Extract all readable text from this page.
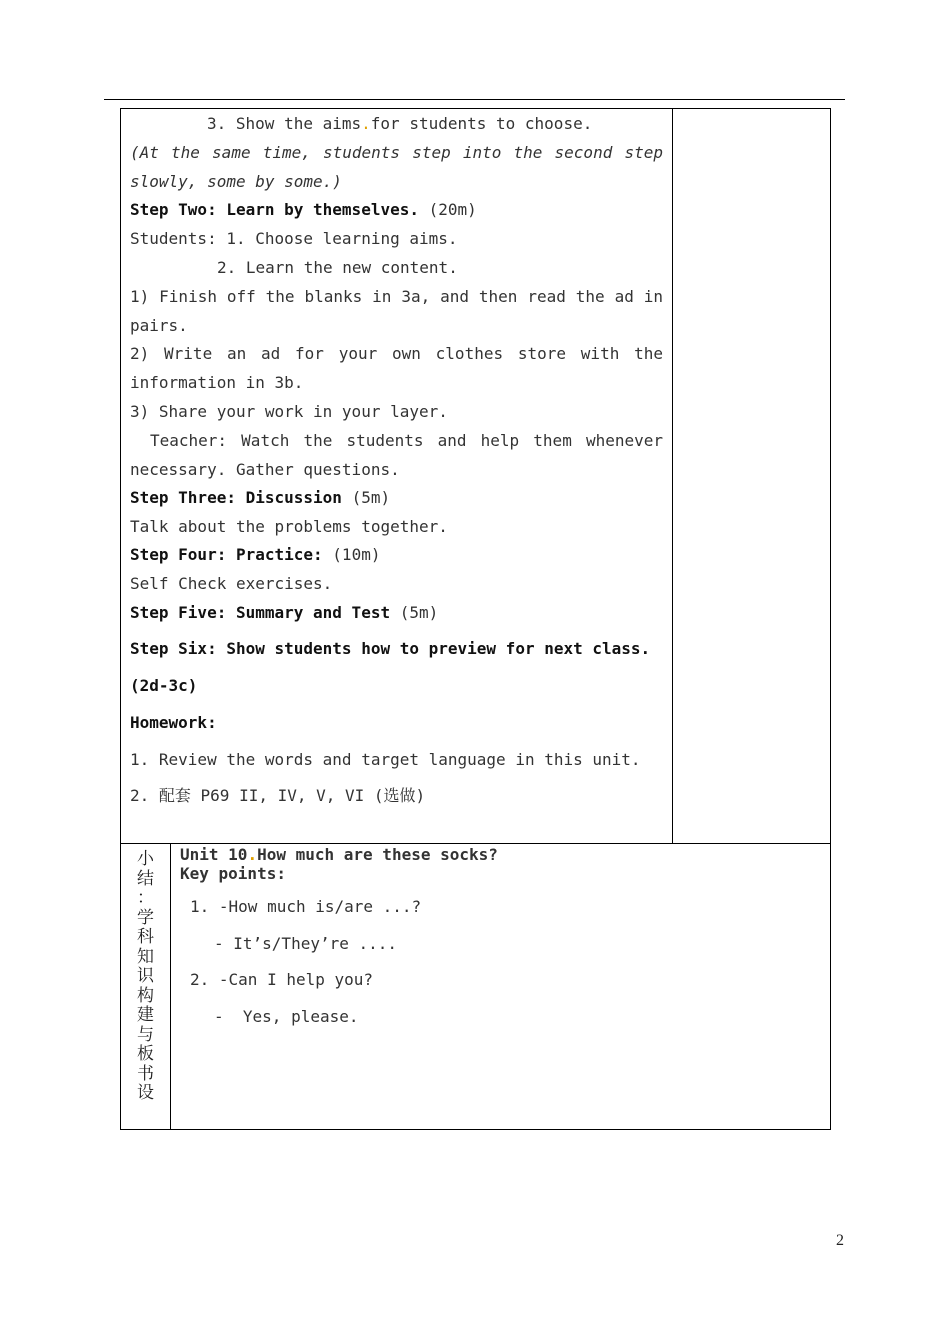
3. Show the aims.for students to choose.
(At the same time, students step into the second step
slowly, some by some.)
Step Two: Learn by themselves. (20m)
Students: 1. Choose learning aims.
2. Learn the new content.
1) Finish off the blanks in 3a, and then read the ad in
pairs.
2) Write an ad for your own clothes store with the
information in 3b.
3) Share your work in your layer.
Teacher: Watch the students and help them whenever
necessary. Gather questions.
Step Three: Discussion (5m)
Talk about the problems together.
Step Four: Practice: (10m)
Self Check exercises.
Step Five: Summary and Test (5m)
Step Six: Show students how to preview for next class.
(2d-3c)
Homework:
1. Review the words and target language in this unit.
2. 配套 P69 II, IV, V, VI (选做)
小
结
：
学
科
知
识
构
建
与
板
书
设
Unit 10.How much are these socks?
Key points:
1. -How much is/are ...?
- It’s/They’re ....
2. -Can I help you?
-  Yes, please.
2
